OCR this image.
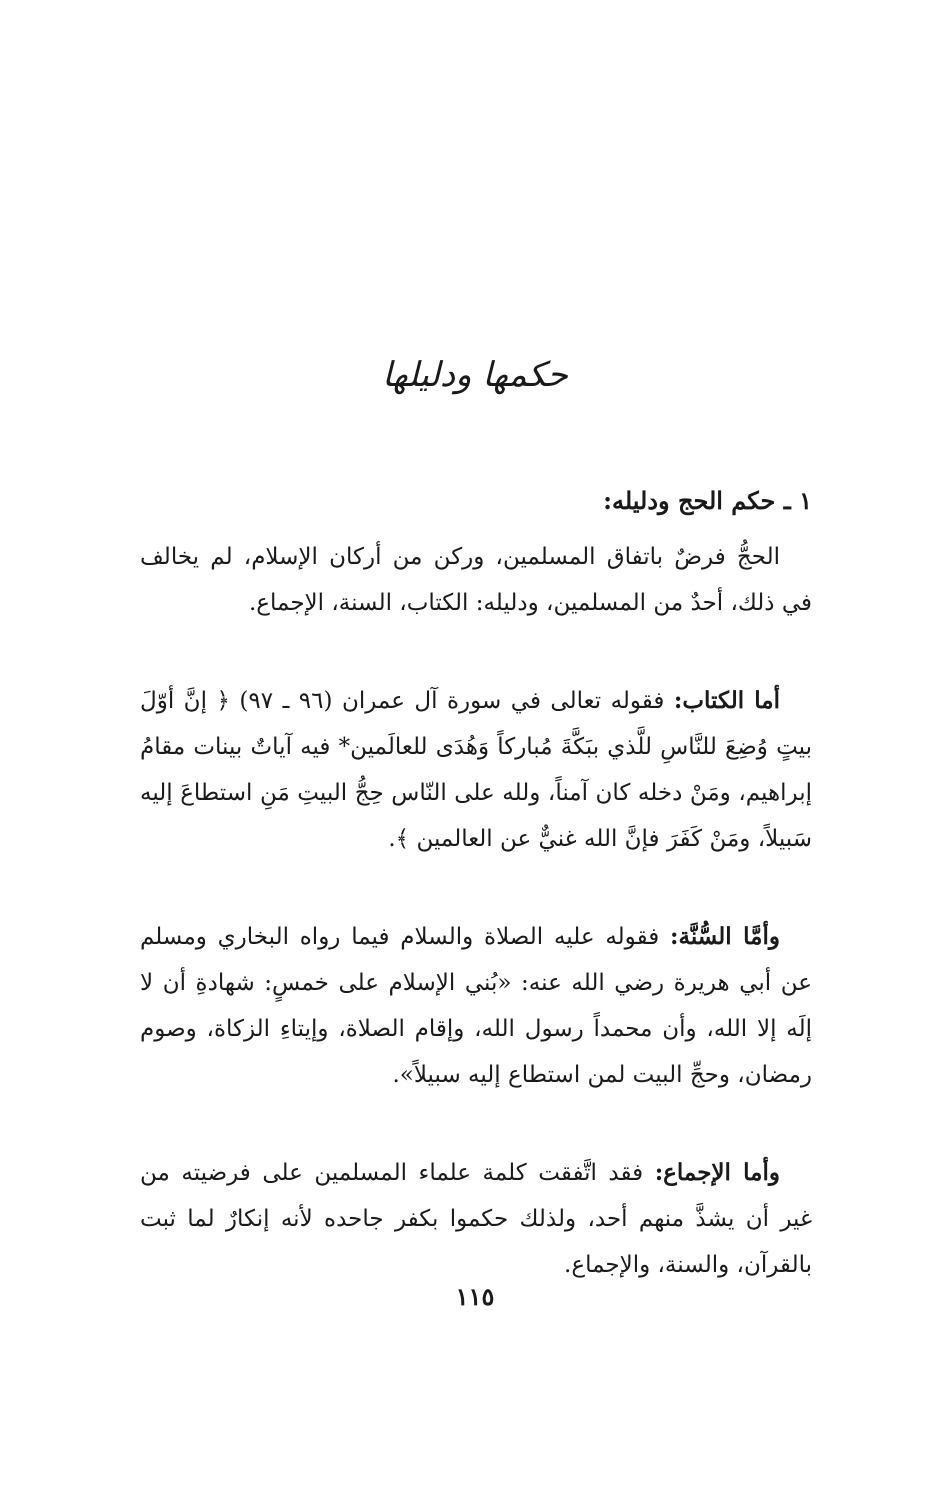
حكمها ودليلها
١ ـ حكم الحج ودليله:

الحجُّ فرضٌ باتفاق المسلمين، وركن من أركان الإسلام، لم يخالف في ذلك، أحدٌ من المسلمين، ودليله: الكتاب، السنة، الإجماع.

أما الكتاب: فقوله تعالى في سورة آل عمران (٩٦ ـ ٩٧) ﴿ إنَّ أوّلَ بيتٍ وُضِعَ للنَّاسِ للَّذي ببَكَّةَ مُباركاً وَهُدَى للعالَمين* فيه آياتٌ بينات مقامُ إبراهيم، ومَنْ دخله كان آمناً، ولله على النّاس حِجُّ البيتِ مَنِ استطاعَ إليه سَبيلاً، ومَنْ كَفَرَ فإنَّ الله غنيٌّ عن العالمين ﴾.

وأمَّا السُّنَّة: فقوله عليه الصلاة والسلام فيما رواه البخاري ومسلم عن أبي هريرة رضي الله عنه: «بُني الإسلام على خمسٍ: شهادةِ أن لا إلَه إلا الله، وأن محمداً رسول الله، وإقام الصلاة، وإيتاءِ الزكاة، وصوم رمضان، وحجِّ البيت لمن استطاع إليه سبيلاً».

وأما الإجماع: فقد اتَّفقت كلمة علماء المسلمين على فرضيته من غير أن يشذَّ منهم أحد، ولذلك حكموا بكفر جاحده لأنه إنكارٌ لما ثبت بالقرآن، والسنة، والإجماع.

١١٥
